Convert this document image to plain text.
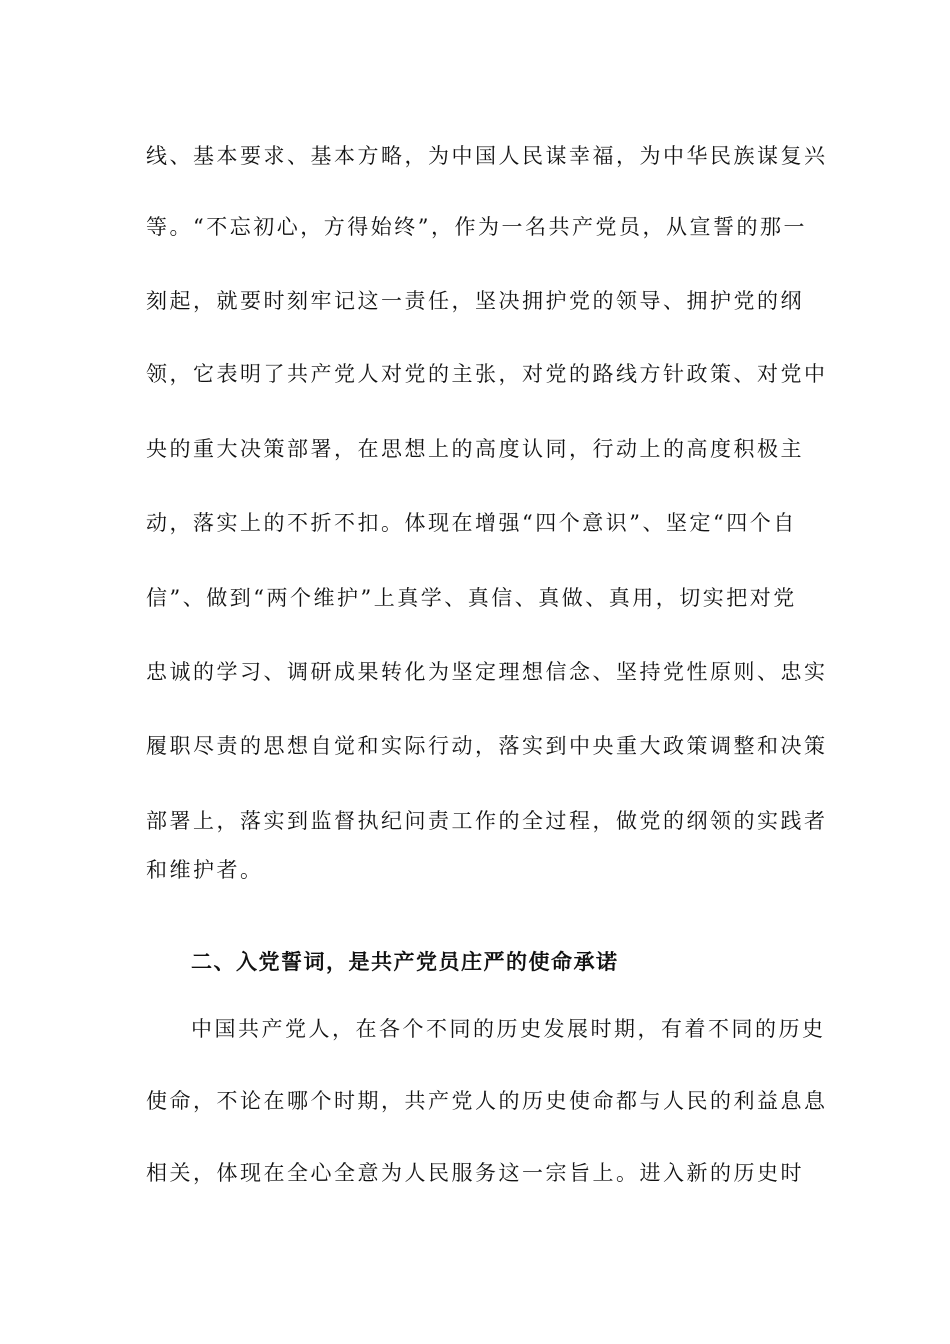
线、基本要求、基本方略，为中国人民谋幸福，为中华民族谋复兴
等。“不忘初心，方得始终”，作为一名共产党员，从宣誓的那一
刻起，就要时刻牢记这一责任，坚决拥护党的领导、拥护党的纲
领，它表明了共产党人对党的主张，对党的路线方针政策、对党中
央的重大决策部署，在思想上的高度认同，行动上的高度积极主
动，落实上的不折不扣。体现在增强“四个意识”、坚定“四个自
信”、做到“两个维护”上真学、真信、真做、真用，切实把对党
忠诚的学习、调研成果转化为坚定理想信念、坚持党性原则、忠实
履职尽责的思想自觉和实际行动，落实到中央重大政策调整和决策
部署上，落实到监督执纪问责工作的全过程，做党的纲领的实践者
和维护者。
二、入党誓词，是共产党员庄严的使命承诺
中国共产党人，在各个不同的历史发展时期，有着不同的历史
使命，不论在哪个时期，共产党人的历史使命都与人民的利益息息
相关，体现在全心全意为人民服务这一宗旨上。进入新的历史时
